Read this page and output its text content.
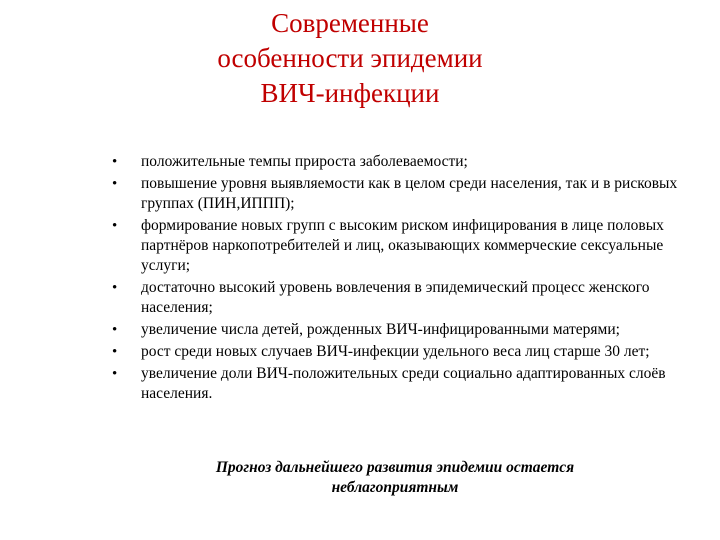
Современные
особенности эпидемии
ВИЧ-инфекции
• положительные темпы прироста заболеваемости;
• повышение уровня выявляемости как в целом среди населения, так и в рисковых группах (ПИН,ИППП);
• формирование новых групп с высоким риском инфицирования в лице половых партнёров наркопотребителей и лиц, оказывающих коммерческие сексуальные услуги;
• достаточно высокий уровень вовлечения в эпидемический процесс женского населения;
• увеличение числа детей, рожденных ВИЧ-инфицированными матерями;
• рост среди новых случаев ВИЧ-инфекции удельного веса лиц старше 30 лет;
• увеличение доли ВИЧ-положительных среди социально адаптированных слоёв населения.
Прогноз дальнейшего развития эпидемии остается неблагоприятным
